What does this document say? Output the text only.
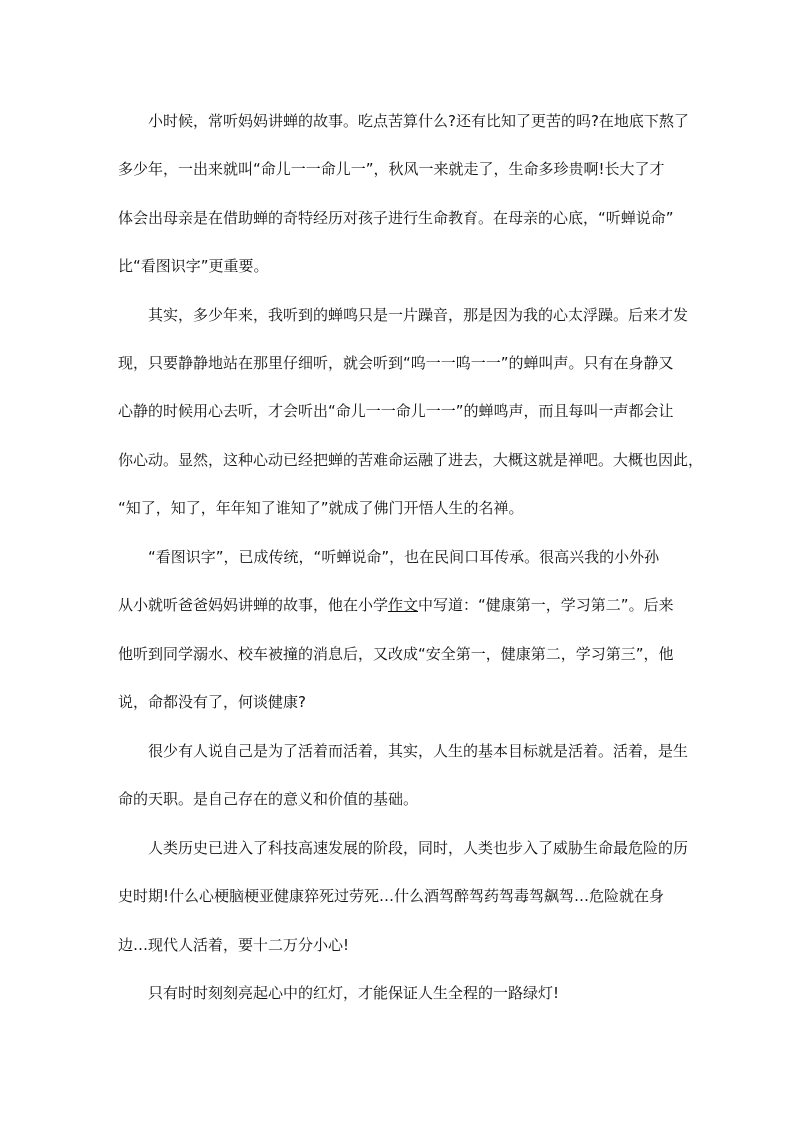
小时候，常听妈妈讲蝉的故事。吃点苦算什么?还有比知了更苦的吗?在地底下熬了
多少年，一出来就叫“命儿一一命儿一”，秋风一来就走了，生命多珍贵啊!长大了才
体会出母亲是在借助蝉的奇特经历对孩子进行生命教育。在母亲的心底，“听蝉说命”
比“看图识字”更重要。
其实，多少年来，我听到的蝉鸣只是一片躁音，那是因为我的心太浮躁。后来才发
现，只要静静地站在那里仔细听，就会听到“呜一一呜一一”的蝉叫声。只有在身静又
心静的时候用心去听，才会听出“命儿一一命儿一一”的蝉鸣声，而且每叫一声都会让
你心动。显然，这种心动已经把蝉的苦难命运融了进去，大概这就是禅吧。大概也因此，
“知了，知了，年年知了谁知了”就成了佛门开悟人生的名禅。
“看图识字”，已成传统，“听蝉说命”，也在民间口耳传承。很高兴我的小外孙
从小就听爸爸妈妈讲蝉的故事，他在小学作文中写道：“健康第一，学习第二”。后来
他听到同学溺水、校车被撞的消息后，又改成“安全第一，健康第二，学习第三”，他
说，命都没有了，何谈健康?
很少有人说自己是为了活着而活着，其实，人生的基本目标就是活着。活着，是生
命的天职。是自己存在的意义和价值的基础。
人类历史已进入了科技高速发展的阶段，同时，人类也步入了威胁生命最危险的历
史时期!什么心梗脑梗亚健康猝死过劳死…什么酒驾醉驾药驾毒驾飙驾…危险就在身
边…现代人活着，要十二万分小心!
只有时时刻刻亮起心中的红灯，才能保证人生全程的一路绿灯!
